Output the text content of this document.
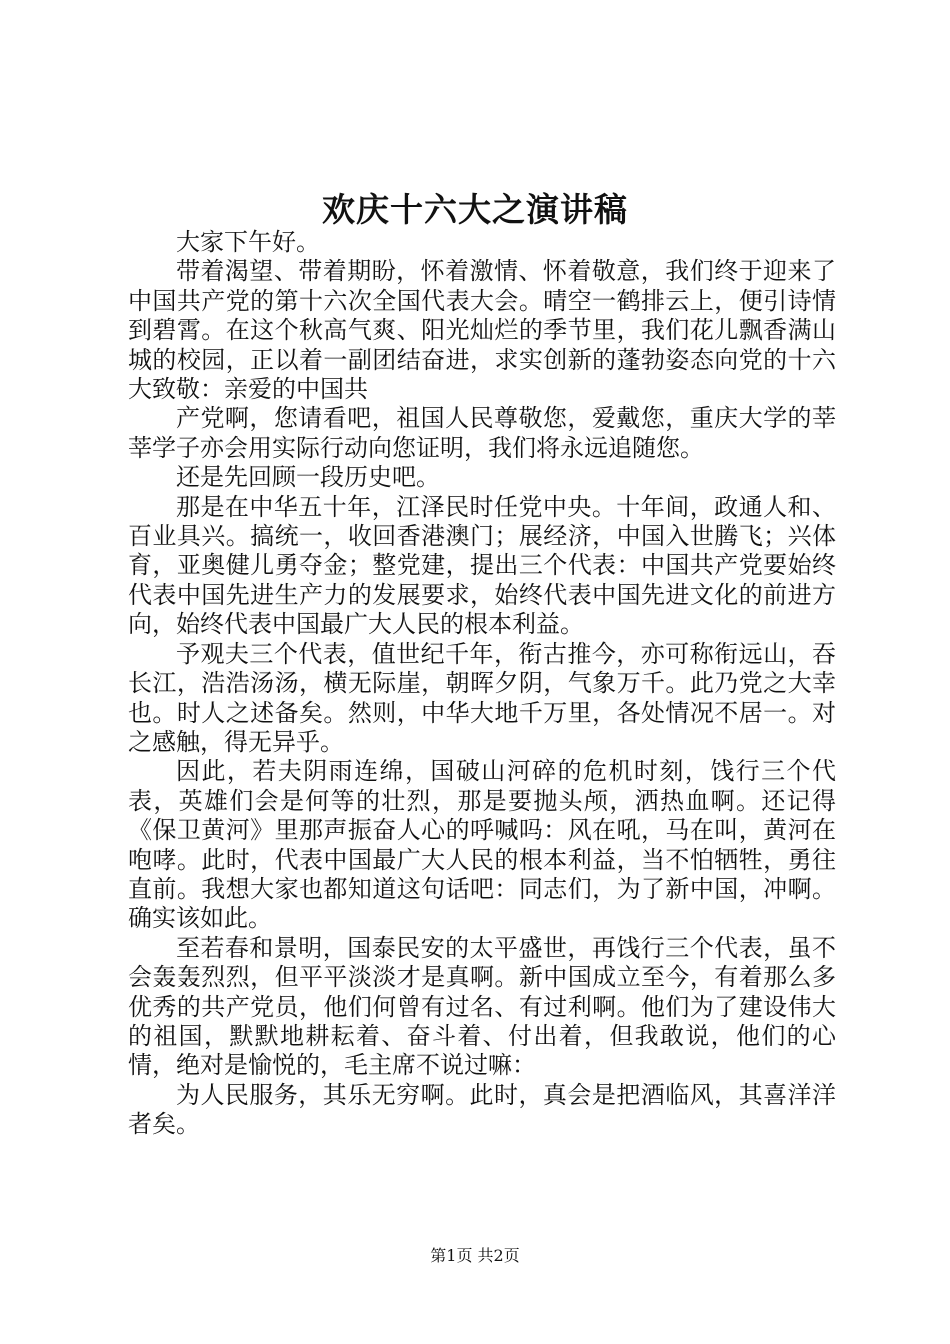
欢庆十六大之演讲稿

大家下午好。

带着渴望、带着期盼，怀着激情、怀着敬意，我们终于迎来了中国共产党的第十六次全国代表大会。晴空一鹤排云上，便引诗情到碧霄。在这个秋高气爽、阳光灿烂的季节里，我们花儿飘香满山城的校园，正以着一副团结奋进，求实创新的蓬勃姿态向党的十六大致敬：亲爱的中国共

产党啊，您请看吧，祖国人民尊敬您，爱戴您，重庆大学的莘莘学子亦会用实际行动向您证明，我们将永远追随您。

还是先回顾一段历史吧。

那是在中华五十年，江泽民时任党中央。十年间，政通人和、百业具兴。搞统一，收回香港澳门；展经济，中国入世腾飞；兴体育，亚奥健儿勇夺金；整党建，提出三个代表：中国共产党要始终代表中国先进生产力的发展要求，始终代表中国先进文化的前进方向，始终代表中国最广大人民的根本利益。

予观夫三个代表，值世纪千年，衔古推今，亦可称衔远山，吞长江，浩浩汤汤，横无际崖，朝晖夕阴，气象万千。此乃党之大幸也。时人之述备矣。然则，中华大地千万里，各处情况不居一。对之感触，得无异乎。

因此，若夫阴雨连绵，国破山河碎的危机时刻，饯行三个代表，英雄们会是何等的壮烈，那是要抛头颅，洒热血啊。还记得《保卫黄河》里那声振奋人心的呼喊吗：风在吼，马在叫，黄河在咆哮。此时，代表中国最广大人民的根本利益，当不怕牺牲，勇往直前。我想大家也都知道这句话吧：同志们，为了新中国，冲啊。确实该如此。

至若春和景明，国泰民安的太平盛世，再饯行三个代表，虽不会轰轰烈烈，但平平淡淡才是真啊。新中国成立至今，有着那么多优秀的共产党员，他们何曾有过名、有过利啊。他们为了建设伟大的祖国，默默地耕耘着、奋斗着、付出着，但我敢说，他们的心情，绝对是愉悦的，毛主席不说过嘛：

为人民服务，其乐无穷啊。此时，真会是把酒临风，其喜洋洋者矣。

第1页 共2页
